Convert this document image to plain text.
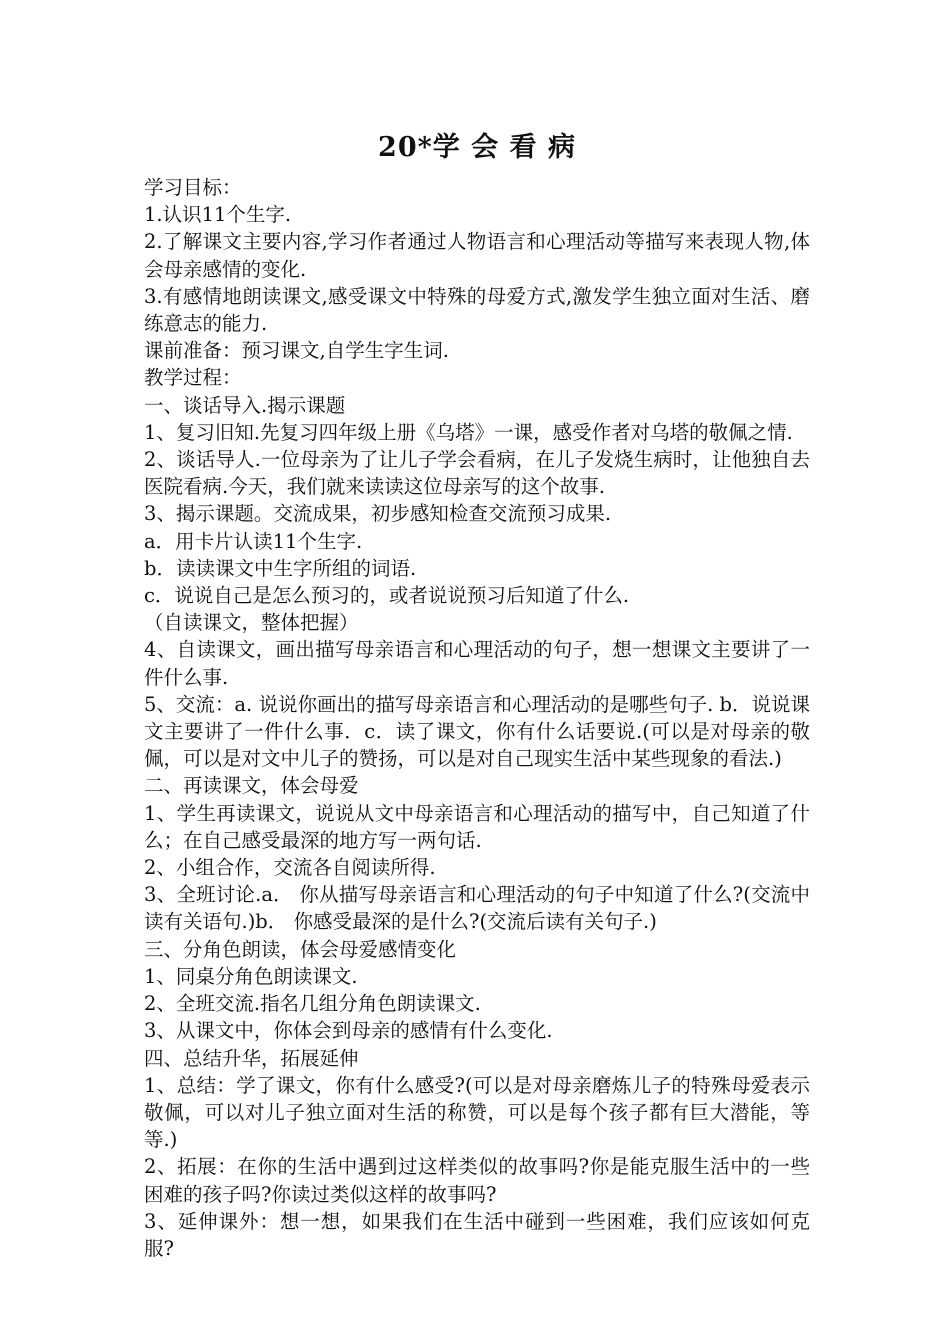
20*学 会 看 病

学习目标：

1.认识11个生字.

2.了解课文主要内容,学习作者通过人物语言和心理活动等描写来表现人物,体会母亲感情的变化.

3.有感情地朗读课文,感受课文中特殊的母爱方式,激发学生独立面对生活、磨练意志的能力.

课前准备：预习课文,自学生字生词.

教学过程：

一、谈话导入.揭示课题

1、复习旧知.先复习四年级上册《乌塔》一课，感受作者对乌塔的敬佩之情.

2、谈话导人.一位母亲为了让儿子学会看病，在儿子发烧生病时，让他独自去医院看病.今天，我们就来读读这位母亲写的这个故事.

3、揭示课题。交流成果，初步感知检查交流预习成果.

a．用卡片认读11个生字.

b．读读课文中生字所组的词语.

c．说说自己是怎么预习的，或者说说预习后知道了什么.

（自读课文，整体把握）

4、自读课文，画出描写母亲语言和心理活动的句子，想一想课文主要讲了一件什么事.

5、交流：a. 说说你画出的描写母亲语言和心理活动的是哪些句子. b．说说课文主要讲了一件什么事．c．读了课文，你有什么话要说.(可以是对母亲的敬佩，可以是对文中儿子的赞扬，可以是对自己现实生活中某些现象的看法.)

二、再读课文，体会母爱

1、学生再读课文，说说从文中母亲语言和心理活动的描写中，自己知道了什么；在自己感受最深的地方写一两句话.

2、小组合作，交流各自阅读所得.

3、全班讨论.a． 你从描写母亲语言和心理活动的句子中知道了什么?(交流中读有关语句.)b． 你感受最深的是什么?(交流后读有关句子.)

三、分角色朗读，体会母爱感情变化

1、同桌分角色朗读课文.

2、全班交流.指名几组分角色朗读课文.

3、从课文中，你体会到母亲的感情有什么变化.

四、总结升华，拓展延伸

1、总结：学了课文，你有什么感受?(可以是对母亲磨炼儿子的特殊母爱表示敬佩，可以对儿子独立面对生活的称赞，可以是每个孩子都有巨大潜能，等等.)

2、拓展：在你的生活中遇到过这样类似的故事吗?你是能克服生活中的一些困难的孩子吗?你读过类似这样的故事吗?

3、延伸课外：想一想，如果我们在生活中碰到一些困难，我们应该如何克服?
